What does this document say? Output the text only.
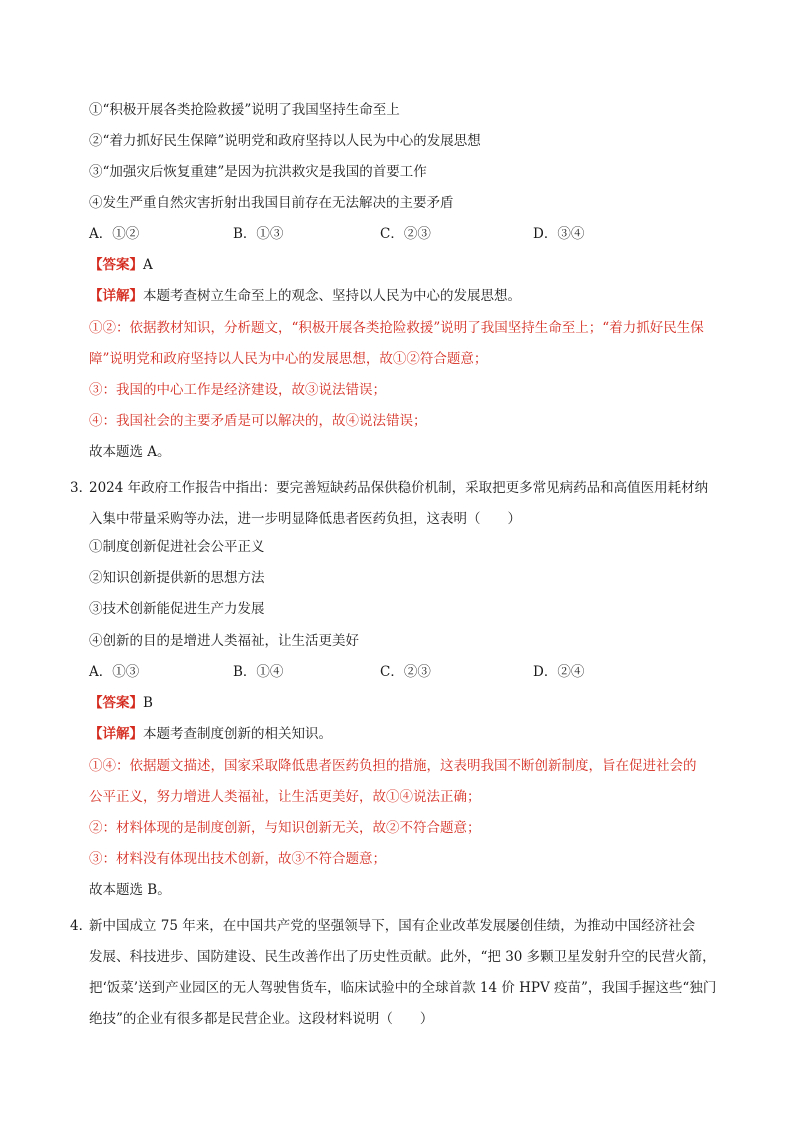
①“积极开展各类抢险救援”说明了我国坚持生命至上
②“着力抓好民生保障”说明党和政府坚持以人民为中心的发展思想
③“加强灾后恢复重建”是因为抗洪救灾是我国的首要工作
④发生严重自然灾害折射出我国目前存在无法解决的主要矛盾
A．①②	B．①③	C．②③	D．③④
【答案】A
【详解】本题考查树立生命至上的观念、坚持以人民为中心的发展思想。
①②：依据教材知识，分析题文，“积极开展各类抢险救援”说明了我国坚持生命至上；“着力抓好民生保
障”说明党和政府坚持以人民为中心的发展思想，故①②符合题意；
③：我国的中心工作是经济建设，故③说法错误；
④：我国社会的主要矛盾是可以解决的，故④说法错误；
故本题选 A。
3．
2024 年政府工作报告中指出：要完善短缺药品保供稳价机制，采取把更多常见病药品和高值医用耗材纳
入集中带量采购等办法，进一步明显降低患者医药负担，这表明（　　）
①制度创新促进社会公平正义
②知识创新提供新的思想方法
③技术创新能促进生产力发展
④创新的目的是增进人类福祉，让生活更美好
A．①③	B．①④	C．②③	D．②④
【答案】B
【详解】本题考查制度创新的相关知识。
①④：依据题文描述，国家采取降低患者医药负担的措施，这表明我国不断创新制度，旨在促进社会的
公平正义，努力增进人类福祉，让生活更美好，故①④说法正确；
②：材料体现的是制度创新，与知识创新无关，故②不符合题意；
③：材料没有体现出技术创新，故③不符合题意；
故本题选 B。
4．
新中国成立 75 年来，在中国共产党的坚强领导下，国有企业改革发展屡创佳绩，为推动中国经济社会
发展、科技进步、国防建设、民生改善作出了历史性贡献。此外，“把 30 多颗卫星发射升空的民营火箭，
把‘饭菜’送到产业园区的无人驾驶售货车，临床试验中的全球首款 14 价 HPV 疫苗”，我国手握这些“独门
绝技”的企业有很多都是民营企业。这段材料说明（　　）
